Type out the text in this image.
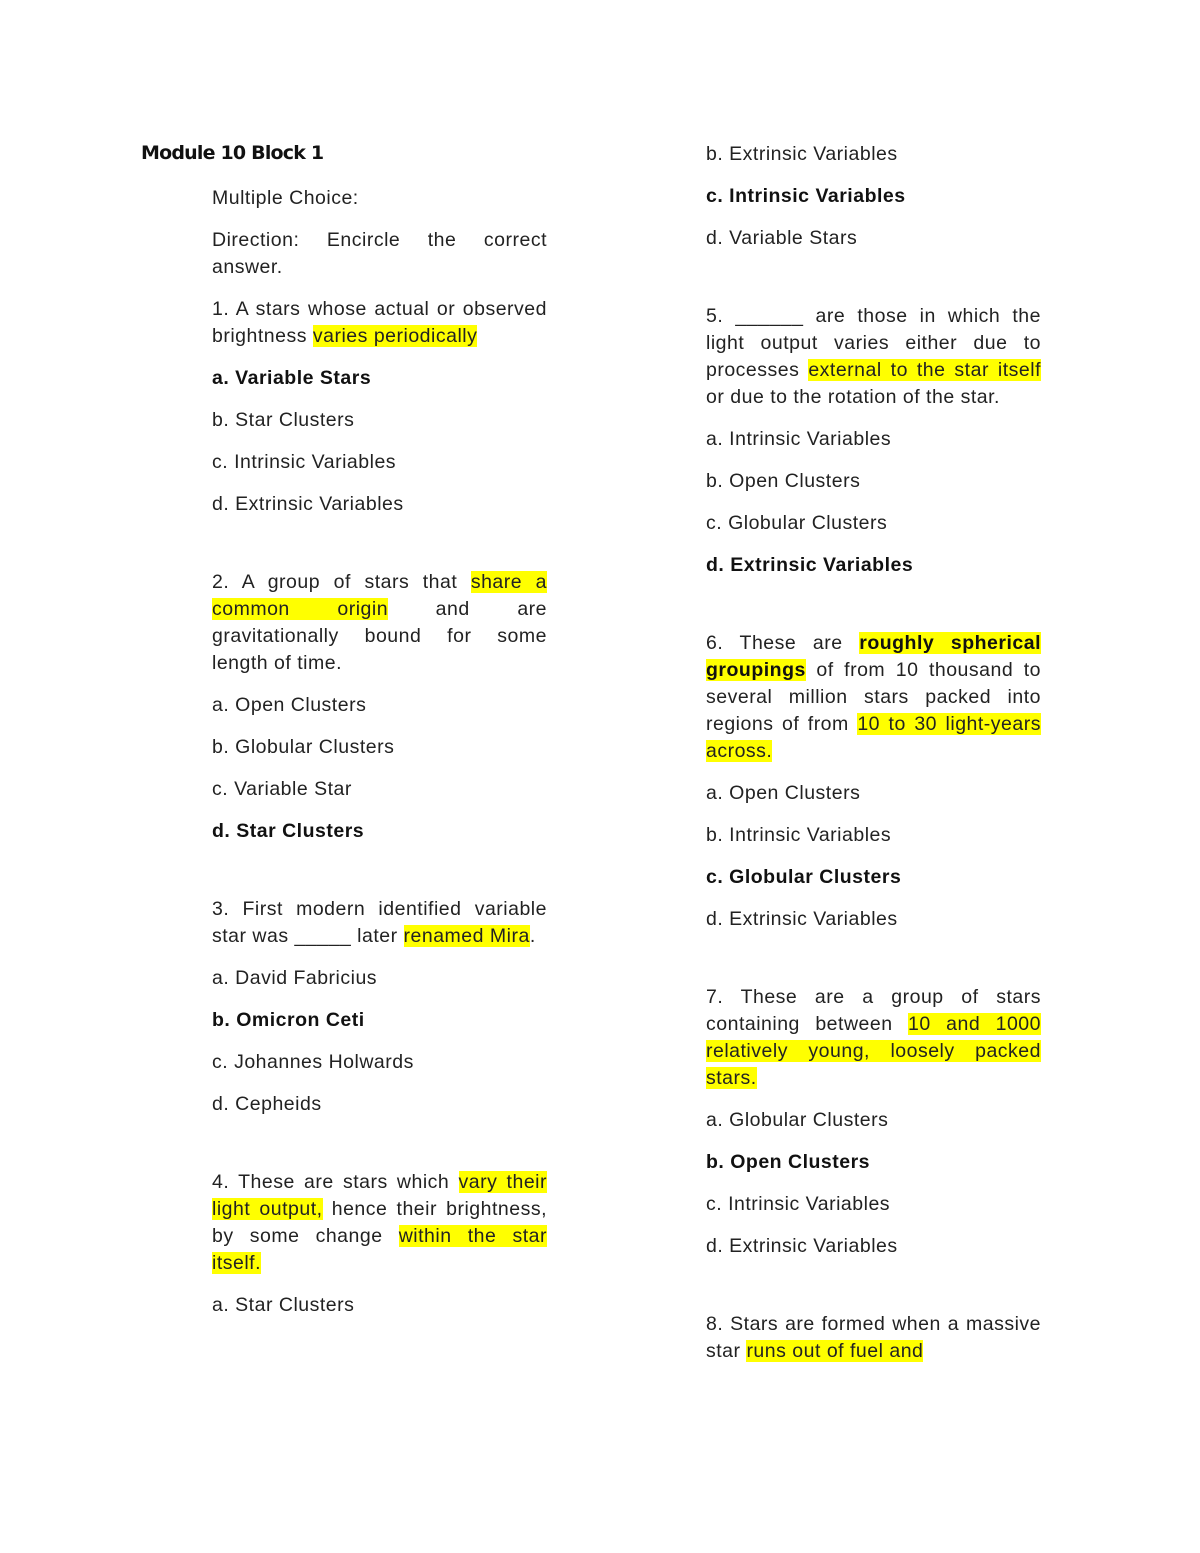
Module 10 Block 1

Multiple Choice:

Direction: Encircle the correct answer.

1. A stars whose actual or observed brightness varies periodically

a. Variable Stars

b. Star Clusters

c. Intrinsic Variables

d. Extrinsic Variables

2. A group of stars that share a common origin and are gravitationally bound for some length of time.

a. Open Clusters

b. Globular Clusters

c. Variable Star

d. Star Clusters

3. First modern identified variable star was _____ later renamed Mira.

a. David Fabricius

b. Omicron Ceti

c. Johannes Holwards

d. Cepheids

4. These are stars which vary their light output, hence their brightness, by some change within the star itself.

a. Star Clusters

b. Extrinsic Variables

c. Intrinsic Variables

d. Variable Stars

5. ______ are those in which the light output varies either due to processes external to the star itself or due to the rotation of the star.

a. Intrinsic Variables

b. Open Clusters

c. Globular Clusters

d. Extrinsic Variables

6. These are roughly spherical groupings of from 10 thousand to several million stars packed into regions of from 10 to 30 light-years across.

a. Open Clusters

b. Intrinsic Variables

c. Globular Clusters

d. Extrinsic Variables

7. These are a group of stars containing between 10 and 1000 relatively young, loosely packed stars.

a. Globular Clusters

b. Open Clusters

c. Intrinsic Variables

d. Extrinsic Variables

8. Stars are formed when a massive star runs out of fuel and
